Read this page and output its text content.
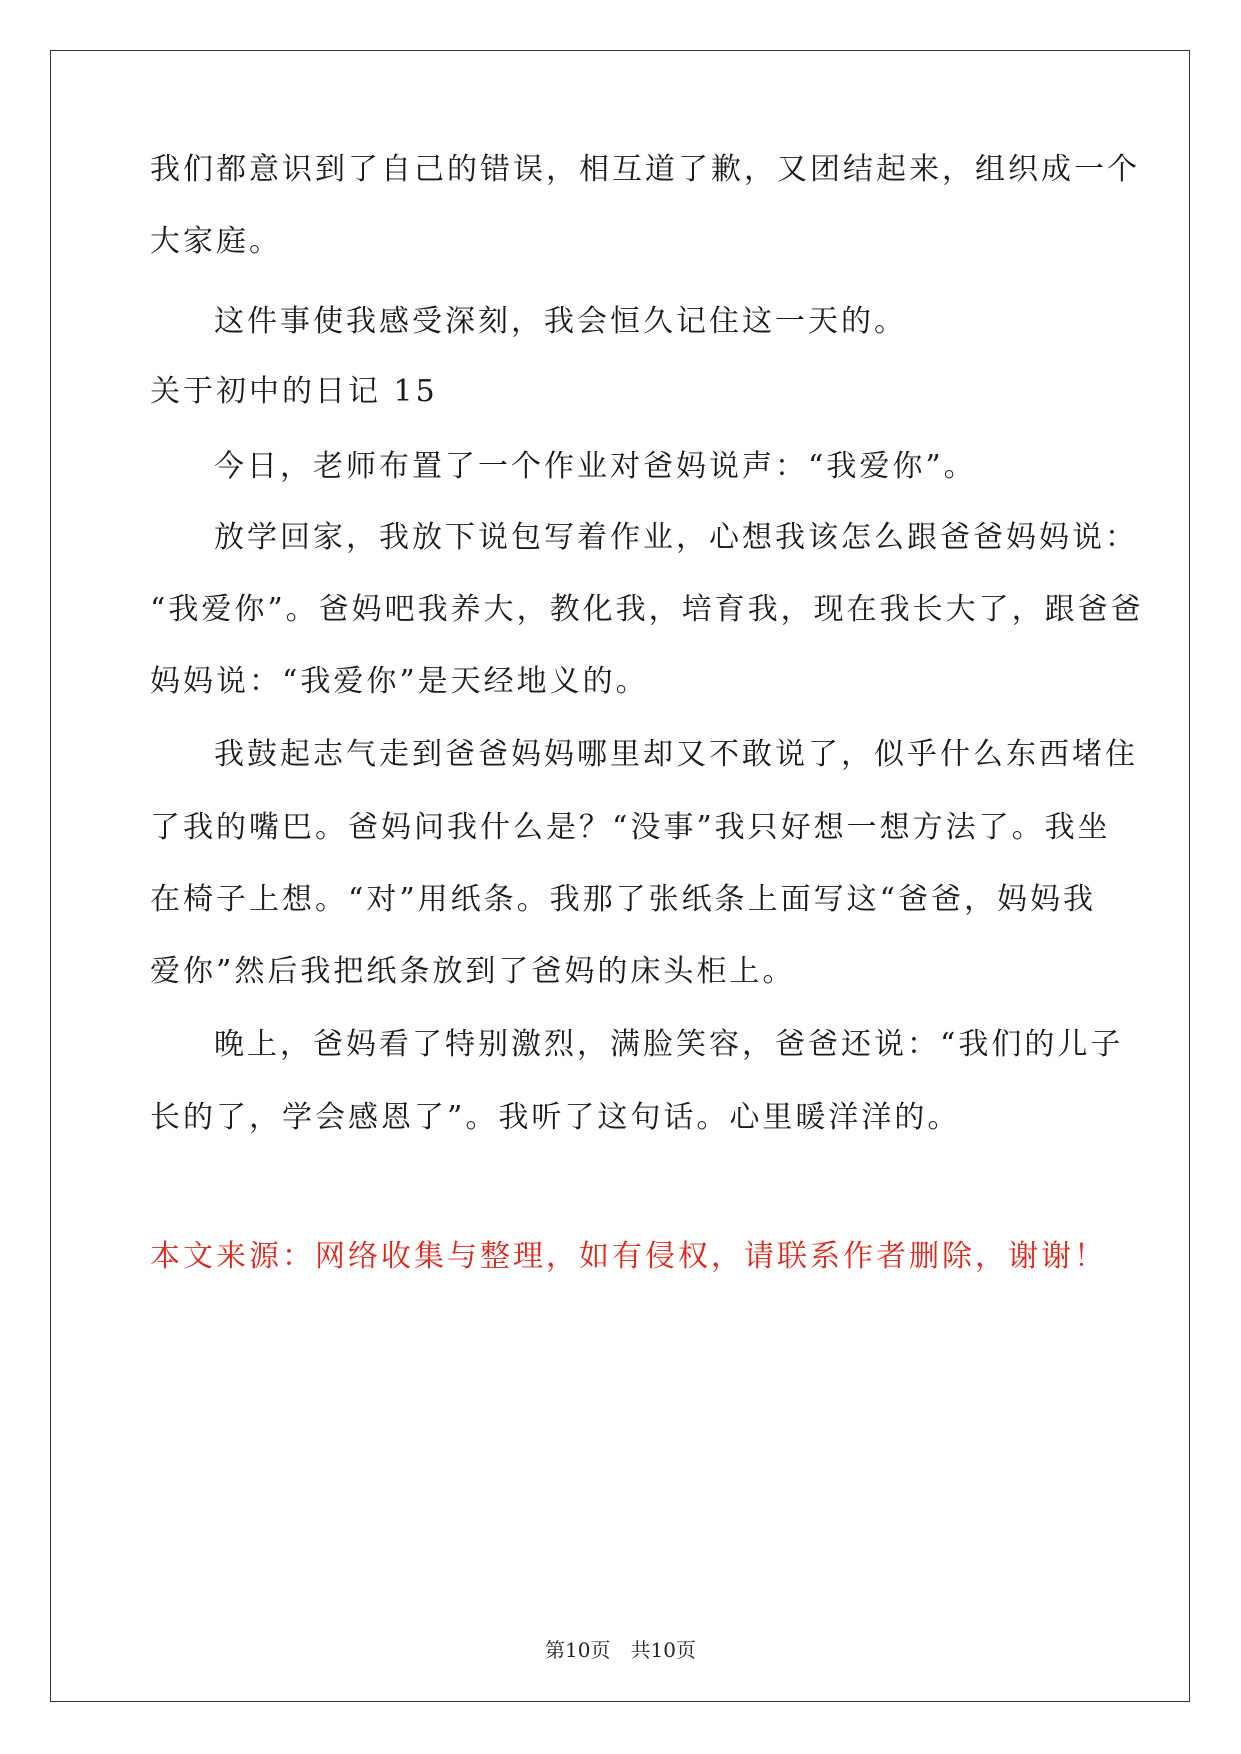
我们都意识到了自己的错误，相互道了歉，又团结起来，组织成一个
大家庭。
这件事使我感受深刻，我会恒久记住这一天的。
关于初中的日记 15
今日，老师布置了一个作业对爸妈说声：“我爱你”。
放学回家，我放下说包写着作业，心想我该怎么跟爸爸妈妈说：
“我爱你”。爸妈吧我养大，教化我，培育我，现在我长大了，跟爸爸
妈妈说：“我爱你”是天经地义的。
我鼓起志气走到爸爸妈妈哪里却又不敢说了，似乎什么东西堵住
了我的嘴巴。爸妈问我什么是？“没事”我只好想一想方法了。我坐
在椅子上想。“对”用纸条。我那了张纸条上面写这“爸爸，妈妈我
爱你”然后我把纸条放到了爸妈的床头柜上。
晚上，爸妈看了特别激烈，满脸笑容，爸爸还说：“我们的儿子
长的了，学会感恩了”。我听了这句话。心里暖洋洋的。
本文来源：网络收集与整理，如有侵权，请联系作者删除，谢谢！
第10页 共10页
